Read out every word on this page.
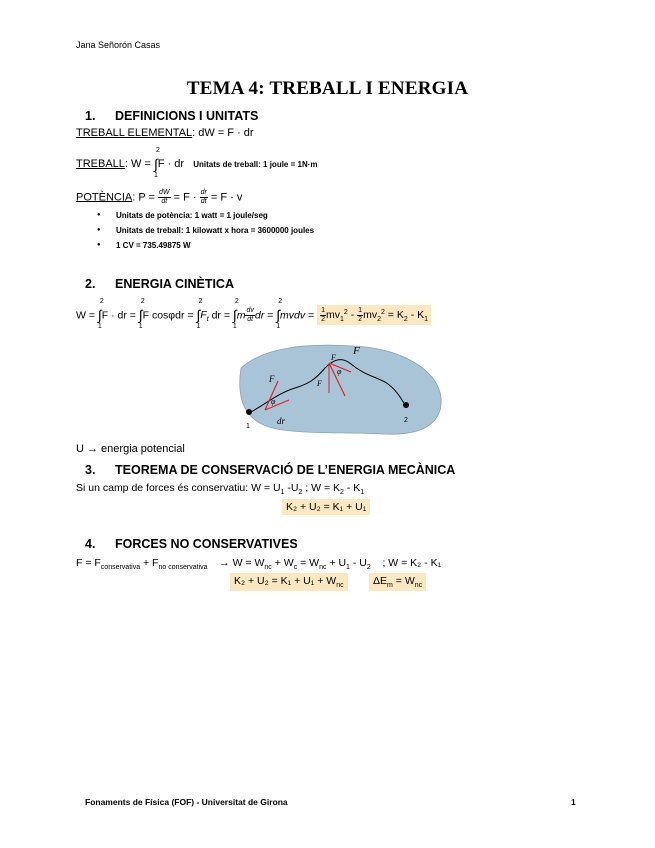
Jana Señorón Casas
TEMA 4: TREBALL I ENERGIA
1. DEFINICIONS I UNITATS
TREBALL ELEMENTAL: dW = F · dr
TREBALL: W = ∫
2
1
F · dr Unitats de treball: 1 joule = 1N·m
POTÈNCIA: $P = \frac{dW}{dt} = F \cdot \frac{dr}{dt} = F \cdot v$
● Unitats de potència: 1 watt = 1 joule/seg
● Unitats de treball: 1 kilowatt x hora = 3600000 joules
● 1 CV = 735.49875 W
2. ENERGIA CINÈTICA
W = ∫
2
1
F · dr = ∫
2
1
F cosφdr = ∫
2
1
$F_t$ dr = ∫
2
1
m $\frac{dv}{dt}$ dr = ∫
2
1
mvdv = $\frac{1}{2} mv_1^2 - \frac{1}{2} mv_2^2 = K_2 - K_1$
F
F
φ
F
F
dr
1
2
φ
U → energia potencial
3. TEOREMA DE CONSERVACIÓ DE L’ENERGIA MECÀNICA
Si un camp de forces és conservatiu: $W = U_1$ $-U_2$ ; $W = K_2 - K_1$
K₂ + U₂ = K₁ + U₁
4. FORCES NO CONSERVATIVES
$F = F_{conservativa} + F_{no conservativa}$    → $W = W_{nc} + W_c = W_{nc} + U_1 - U_2$ ; W = K₂ - K₁
$K_2 + U_2 = K_1 + U_1 + W_{nc}$	$\Delta E_m = W_{nc}$
Fonaments de Física (FOF) - Universitat de Girona	1
